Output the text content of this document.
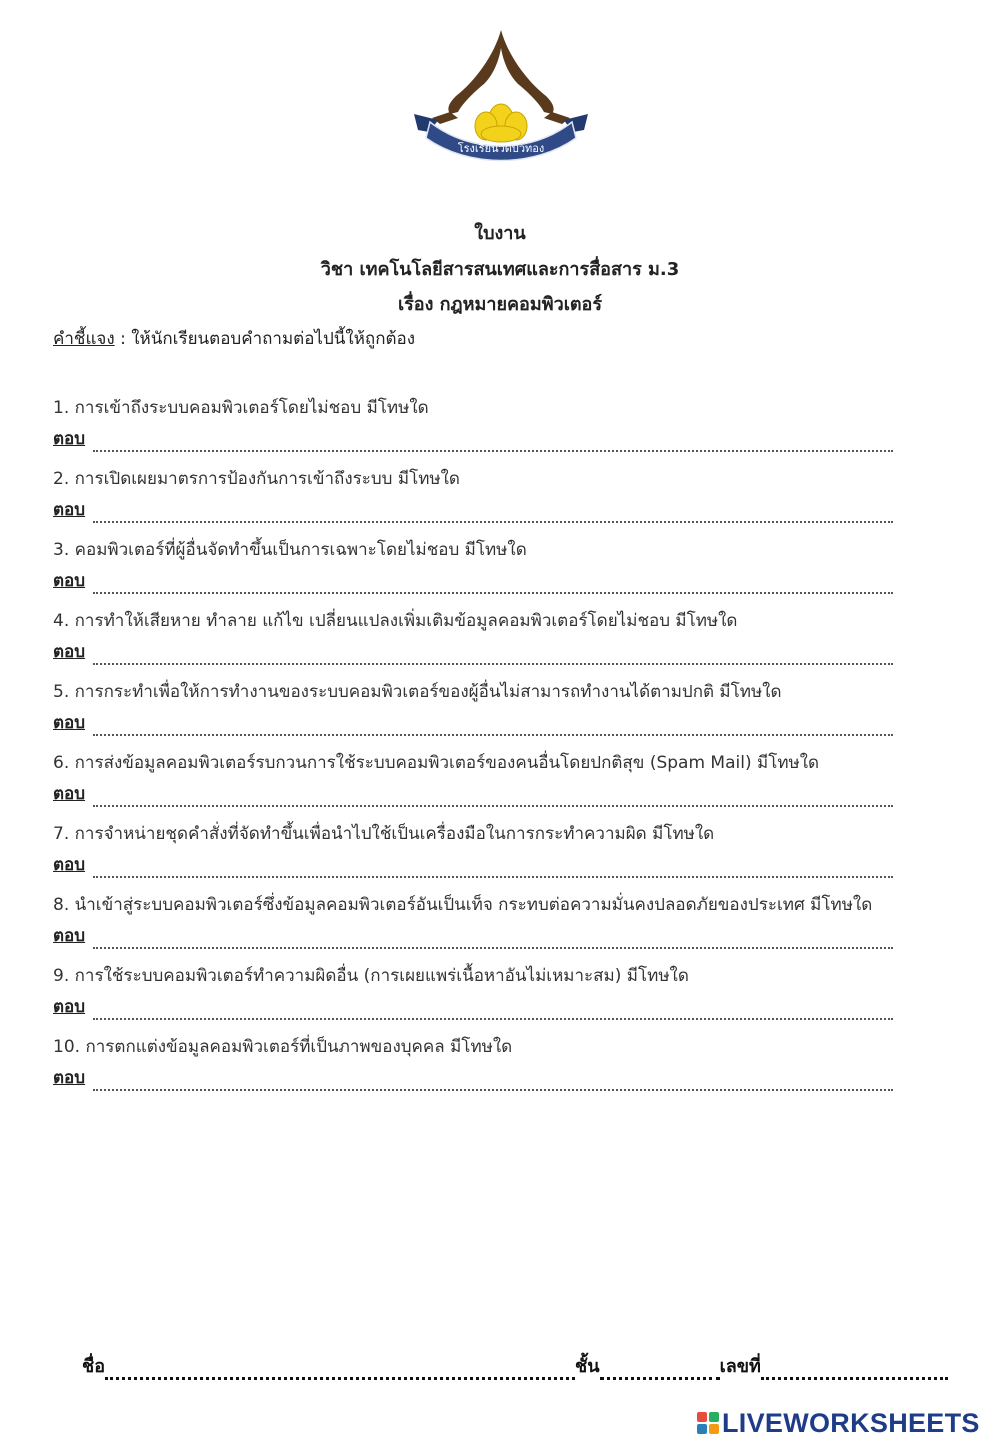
โรงเรียนวัดบัวทอง
ใบงาน
วิชา เทคโนโลยีสารสนเทศและการสื่อสาร ม.3
เรื่อง กฎหมายคอมพิวเตอร์
คำชี้แจง : ให้นักเรียนตอบคำถามต่อไปนี้ให้ถูกต้อง
1. การเข้าถึงระบบคอมพิวเตอร์โดยไม่ชอบ มีโทษใด
ตอบ
2. การเปิดเผยมาตรการป้องกันการเข้าถึงระบบ มีโทษใด
ตอบ
3. คอมพิวเตอร์ที่ผู้อื่นจัดทำขึ้นเป็นการเฉพาะโดยไม่ชอบ มีโทษใด
ตอบ
4. การทำให้เสียหาย ทำลาย แก้ไข เปลี่ยนแปลงเพิ่มเติมข้อมูลคอมพิวเตอร์โดยไม่ชอบ มีโทษใด
ตอบ
5. การกระทำเพื่อให้การทำงานของระบบคอมพิวเตอร์ของผู้อื่นไม่สามารถทำงานได้ตามปกติ มีโทษใด
ตอบ
6. การส่งข้อมูลคอมพิวเตอร์รบกวนการใช้ระบบคอมพิวเตอร์ของคนอื่นโดยปกติสุข (Spam Mail) มีโทษใด
ตอบ
7. การจำหน่ายชุดคำสั่งที่จัดทำขึ้นเพื่อนำไปใช้เป็นเครื่องมือในการกระทำความผิด มีโทษใด
ตอบ
8. นำเข้าสู่ระบบคอมพิวเตอร์ซึ่งข้อมูลคอมพิวเตอร์อันเป็นเท็จ กระทบต่อความมั่นคงปลอดภัยของประเทศ มีโทษใด
ตอบ
9. การใช้ระบบคอมพิวเตอร์ทำความผิดอื่น (การเผยแพร่เนื้อหาอันไม่เหมาะสม) มีโทษใด
ตอบ
10. การตกแต่งข้อมูลคอมพิวเตอร์ที่เป็นภาพของบุคคล มีโทษใด
ตอบ
ชื่อ	ชั้น	เลขที่
LIVEWORKSHEETS
